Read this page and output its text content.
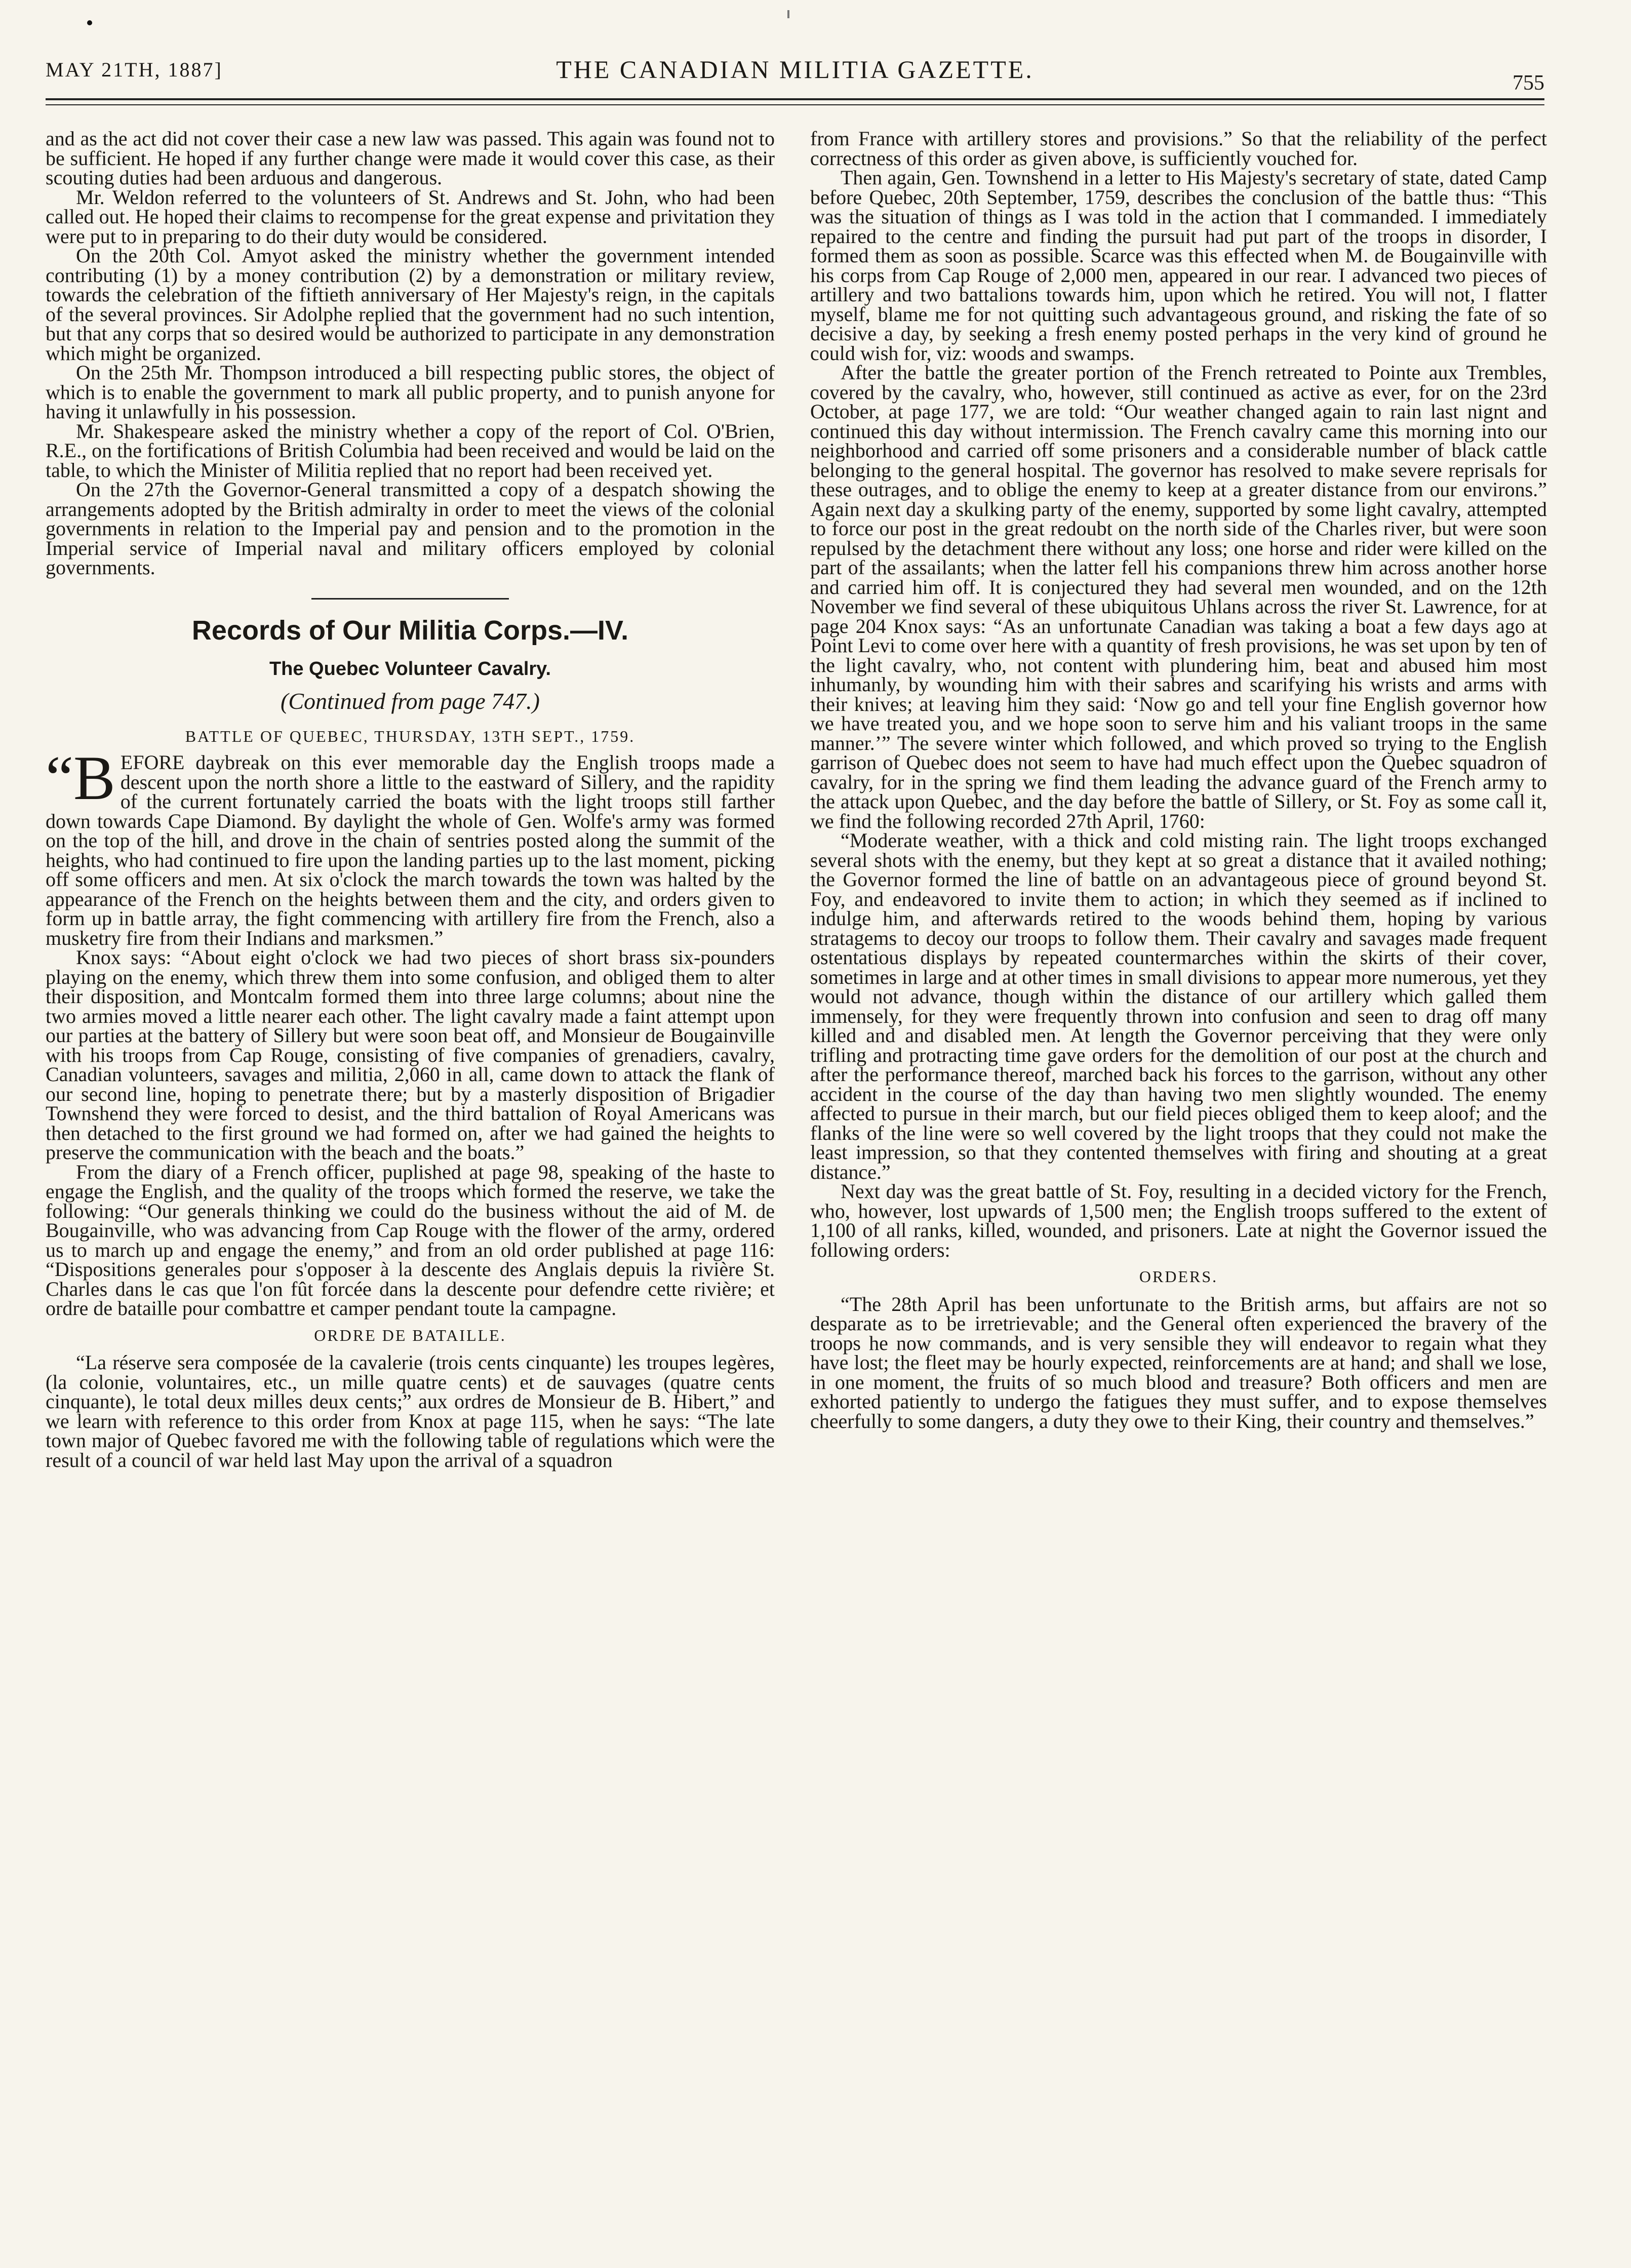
MAY 21TH, 1887]	THE CANADIAN MILITIA GAZETTE.	755

and as the act did not cover their case a new law was passed. This again was found not to be sufficient. He hoped if any further change were made it would cover this case, as their scouting duties had been arduous and dangerous.

Mr. Weldon referred to the volunteers of St. Andrews and St. John, who had been called out. He hoped their claims to recompense for the great expense and privitation they were put to in preparing to do their duty would be considered.

On the 20th Col. Amyot asked the ministry whether the government intended contributing (1) by a money contribution (2) by a demonstration or military review, towards the celebration of the fiftieth anniversary of Her Majesty's reign, in the capitals of the several provinces. Sir Adolphe replied that the government had no such intention, but that any corps that so desired would be authorized to participate in any demonstration which might be organized.

On the 25th Mr. Thompson introduced a bill respecting public stores, the object of which is to enable the government to mark all public property, and to punish anyone for having it unlawfully in his possession.

Mr. Shakespeare asked the ministry whether a copy of the report of Col. O'Brien, R.E., on the fortifications of British Columbia had been received and would be laid on the table, to which the Minister of Militia replied that no report had been received yet.

On the 27th the Governor-General transmitted a copy of a despatch showing the arrangements adopted by the British admiralty in order to meet the views of the colonial governments in relation to the Imperial pay and pension and to the promotion in the Imperial service of Imperial naval and military officers employed by colonial governments.

Records of Our Militia Corps.—IV.
The Quebec Volunteer Cavalry.
(Continued from page 747.)
BATTLE OF QUEBEC, THURSDAY, 13TH SEPT., 1759.

“B EFORE daybreak on this ever memorable day the English troops made a descent upon the north shore a little to the eastward of Sillery, and the rapidity of the current fortunately carried the boats with the light troops still farther down towards Cape Diamond. By daylight the whole of Gen. Wolfe's army was formed on the top of the hill, and drove in the chain of sentries posted along the summit of the heights, who had continued to fire upon the landing parties up to the last moment, picking off some officers and men. At six o'clock the march towards the town was halted by the appearance of the French on the heights between them and the city, and orders given to form up in battle array, the fight commencing with artillery fire from the French, also a musketry fire from their Indians and marksmen.”

Knox says: “About eight o'clock we had two pieces of short brass six-pounders playing on the enemy, which threw them into some confusion, and obliged them to alter their disposition, and Montcalm formed them into three large columns; about nine the two armies moved a little nearer each other. The light cavalry made a faint attempt upon our parties at the battery of Sillery but were soon beat off, and Monsieur de Bougainville with his troops from Cap Rouge, consisting of five companies of grenadiers, cavalry, Canadian volunteers, savages and militia, 2,060 in all, came down to attack the flank of our second line, hoping to penetrate there; but by a masterly disposition of Brigadier Townshend they were forced to desist, and the third battalion of Royal Americans was then detached to the first ground we had formed on, after we had gained the heights to preserve the communication with the beach and the boats.”

From the diary of a French officer, puplished at page 98, speaking of the haste to engage the English, and the quality of the troops which formed the reserve, we take the following: “Our generals thinking we could do the business without the aid of M. de Bougainville, who was advancing from Cap Rouge with the flower of the army, ordered us to march up and engage the enemy,” and from an old order published at page 116: “Dispositions generales pour s'opposer à la descente des Anglais depuis la rivière St. Charles dans le cas que l'on fût forcée dans la descente pour defendre cette rivière; et ordre de bataille pour combattre et camper pendant toute la campagne.

ORDRE DE BATAILLE.

“La réserve sera composée de la cavalerie (trois cents cinquante) les troupes legères, (la colonie, voluntaires, etc., un mille quatre cents) et de sauvages (quatre cents cinquante), le total deux milles deux cents;” aux ordres de Monsieur de B. Hibert,” and we learn with reference to this order from Knox at page 115, when he says: “The late town major of Quebec favored me with the following table of regulations which were the result of a council of war held last May upon the arrival of a squadron

from France with artillery stores and provisions.” So that the reliability of the perfect correctness of this order as given above, is sufficiently vouched for.

Then again, Gen. Townshend in a letter to His Majesty's secretary of state, dated Camp before Quebec, 20th September, 1759, describes the conclusion of the battle thus: “This was the situation of things as I was told in the action that I commanded. I immediately repaired to the centre and finding the pursuit had put part of the troops in disorder, I formed them as soon as possible. Scarce was this effected when M. de Bougainville with his corps from Cap Rouge of 2,000 men, appeared in our rear. I advanced two pieces of artillery and two battalions towards him, upon which he retired. You will not, I flatter myself, blame me for not quitting such advantageous ground, and risking the fate of so decisive a day, by seeking a fresh enemy posted perhaps in the very kind of ground he could wish for, viz: woods and swamps.

After the battle the greater portion of the French retreated to Pointe aux Trembles, covered by the cavalry, who, however, still continued as active as ever, for on the 23rd October, at page 177, we are told: “Our weather changed again to rain last nignt and continued this day without intermission. The French cavalry came this morning into our neighborhood and carried off some prisoners and a considerable number of black cattle belonging to the general hospital. The governor has resolved to make severe reprisals for these outrages, and to oblige the enemy to keep at a greater distance from our environs.” Again next day a skulking party of the enemy, supported by some light cavalry, attempted to force our post in the great redoubt on the north side of the Charles river, but were soon repulsed by the detachment there without any loss; one horse and rider were killed on the part of the assailants; when the latter fell his companions threw him across another horse and carried him off. It is conjectured they had several men wounded, and on the 12th November we find several of these ubiquitous Uhlans across the river St. Lawrence, for at page 204 Knox says: “As an unfortunate Canadian was taking a boat a few days ago at Point Levi to come over here with a quantity of fresh provisions, he was set upon by ten of the light cavalry, who, not content with plundering him, beat and abused him most inhumanly, by wounding him with their sabres and scarifying his wrists and arms with their knives; at leaving him they said: ‘Now go and tell your fine English governor how we have treated you, and we hope soon to serve him and his valiant troops in the same manner.’” The severe winter which followed, and which proved so trying to the English garrison of Quebec does not seem to have had much effect upon the Quebec squadron of cavalry, for in the spring we find them leading the advance guard of the French army to the attack upon Quebec, and the day before the battle of Sillery, or St. Foy as some call it, we find the following recorded 27th April, 1760:

“Moderate weather, with a thick and cold misting rain. The light troops exchanged several shots with the enemy, but they kept at so great a distance that it availed nothing; the Governor formed the line of battle on an advantageous piece of ground beyond St. Foy, and endeavored to invite them to action; in which they seemed as if inclined to indulge him, and afterwards retired to the woods behind them, hoping by various stratagems to decoy our troops to follow them. Their cavalry and savages made frequent ostentatious displays by repeated countermarches within the skirts of their cover, sometimes in large and at other times in small divisions to appear more numerous, yet they would not advance, though within the distance of our artillery which galled them immensely, for they were frequently thrown into confusion and seen to drag off many killed and and disabled men. At length the Governor perceiving that they were only trifling and protracting time gave orders for the demolition of our post at the church and after the performance thereof, marched back his forces to the garrison, without any other accident in the course of the day than having two men slightly wounded. The enemy affected to pursue in their march, but our field pieces obliged them to keep aloof; and the flanks of the line were so well covered by the light troops that they could not make the least impression, so that they contented themselves with firing and shouting at a great distance.”

Next day was the great battle of St. Foy, resulting in a decided victory for the French, who, however, lost upwards of 1,500 men; the English troops suffered to the extent of 1,100 of all ranks, killed, wounded, and prisoners. Late at night the Governor issued the following orders:

ORDERS.

“The 28th April has been unfortunate to the British arms, but affairs are not so desparate as to be irretrievable; and the General often experienced the bravery of the troops he now commands, and is very sensible they will endeavor to regain what they have lost; the fleet may be hourly expected, reinforcements are at hand; and shall we lose, in one moment, the fruits of so much blood and treasure? Both officers and men are exhorted patiently to undergo the fatigues they must suffer, and to expose themselves cheerfully to some dangers, a duty they owe to their King, their country and themselves.”
